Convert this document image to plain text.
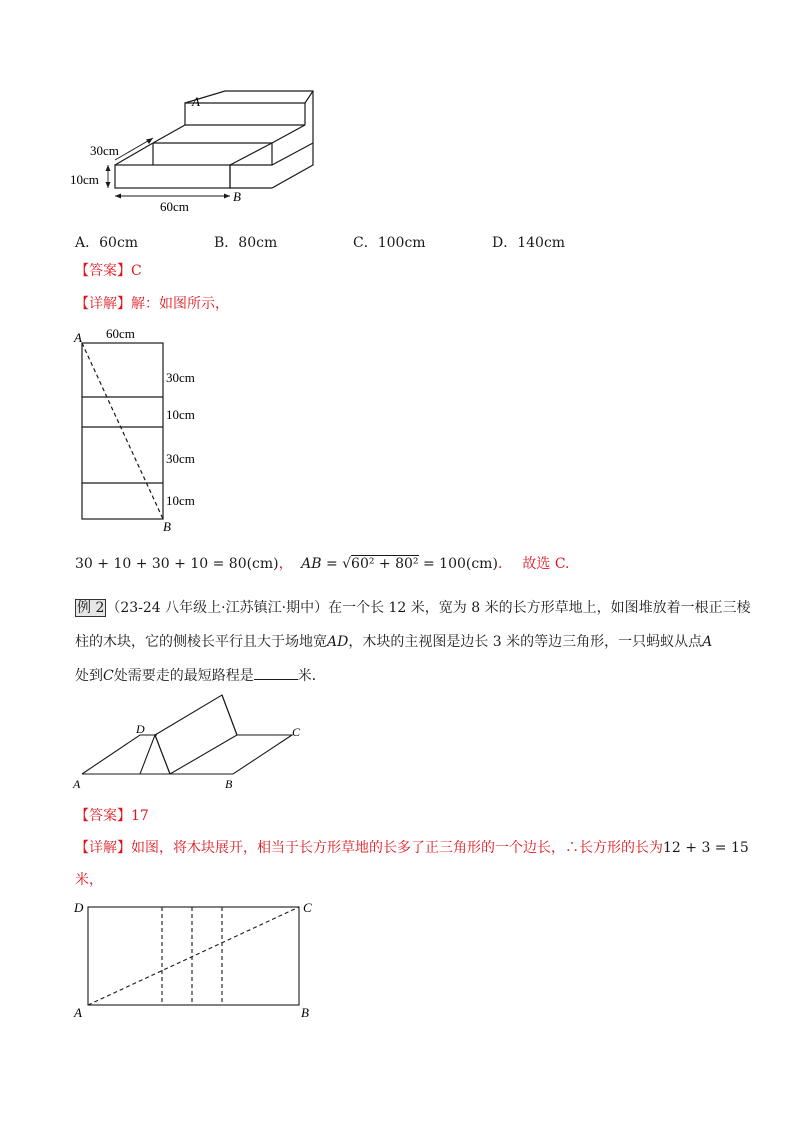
A
B
30cm
10cm
60cm
A．60cm	B．80cm	C．100cm	D．140cm
【答案】C
【详解】解：如图所示，
A
B
60cm
30cm
10cm
30cm
10cm
30 + 10 + 30 + 10 = 80(cm)， AB = √60² + 80² = 100(cm)． 故选 C.
例 2 （23-24 八年级上·江苏镇江·期中）在一个长 12 米，宽为 8 米的长方形草地上，如图堆放着一根正三棱
柱的木块，它的侧棱长平行且大于场地宽AD，木块的主视图是边长 3 米的等边三角形，一只蚂蚁从点A
处到C处需要走的最短路程是	米．
D	C
A	B
【答案】17
【详解】如图，将木块展开，相当于长方形草地的长多了正三角形的一个边长，∴长方形的长为12 + 3 = 15
米，
D	C
A	B
